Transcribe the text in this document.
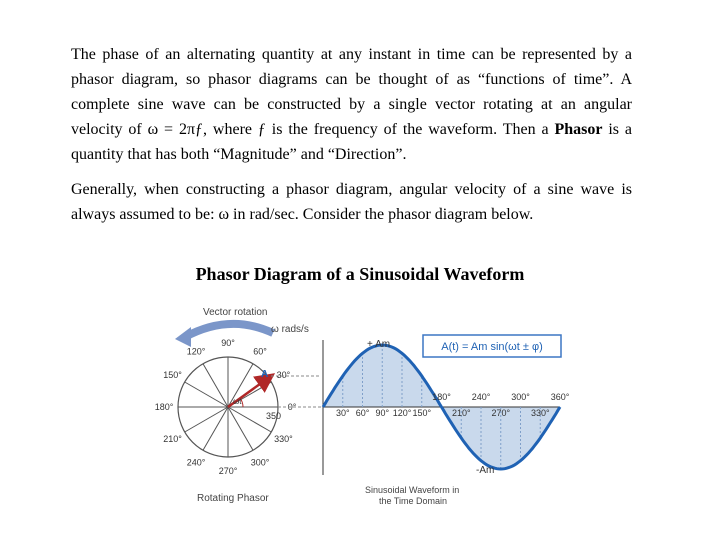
The phase of an alternating quantity at any instant in time can be represented by a phasor diagram, so phasor diagrams can be thought of as “functions of time”. A complete sine wave can be constructed by a single vector rotating at an angular velocity of ω = 2πƒ, where ƒ is the frequency of the waveform. Then a Phasor is a quantity that has both “Magnitude” and “Direction”.

Generally, when constructing a phasor diagram, angular velocity of a sine wave is always assumed to be: ω in rad/sec. Consider the phasor diagram below.

Phasor Diagram of a Sinusoidal Waveform

Vector rotation
ω rads/s
90°
60°
30°
0°
330°
300°
270°
240°
210°
180°
150°
120°
A
ωt
350
Rotating Phasor
+ Am
-Am
A(t) = Am sin(ωt ± φ)
30° 60° 90° 120° 150°
180° 240° 300° 360°
210° 270° 330°
Sinusoidal Waveform in
the Time Domain
